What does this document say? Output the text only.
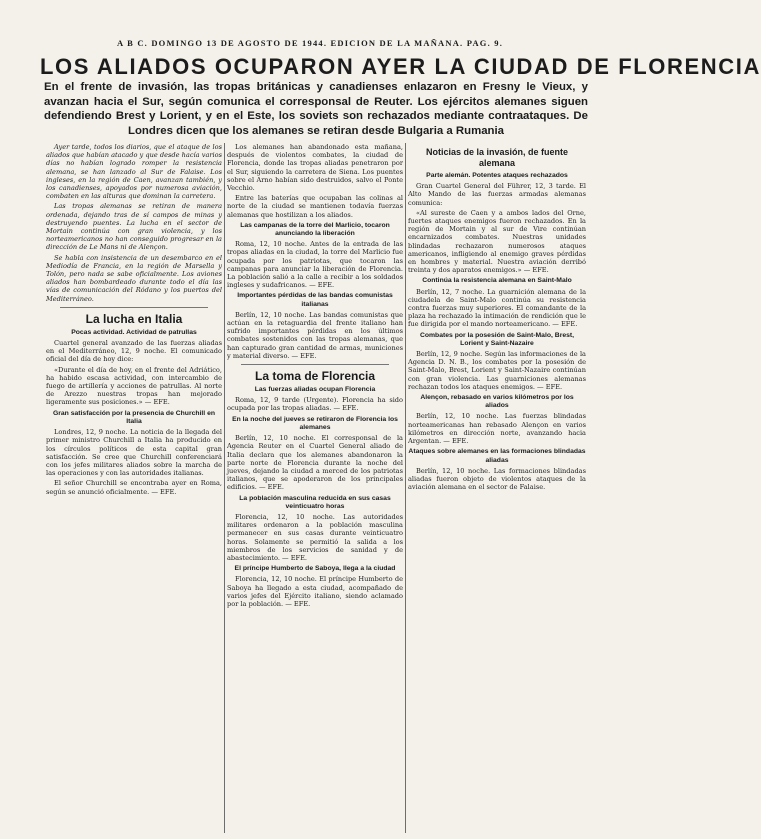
A B C. DOMINGO 13 DE AGOSTO DE 1944. EDICION DE LA MAÑANA. PAG. 9.
LOS ALIADOS OCUPARON AYER LA CIUDAD DE FLORENCIA
En el frente de invasión, las tropas británicas y canadienses enlazaron en Fresny le Vieux, y avanzan hacia el Sur, según comunica el corresponsal de Reuter. Los ejércitos alemanes siguen defendiendo Brest y Lorient, y en el Este, los soviets son rechazados mediante contraataques. De Londres dicen que los alemanes se retiran desde Bulgaria a Rumania

Ayer tarde, todos los diarios, que el ataque de los aliados que habían atacado y que desde hacía varios días no habían logrado romper la resistencia alemana, se han lanzado al Sur de Falaise. Los ingleses, en la región de Caen, avanzan también, y los canadienses, apoyados por numerosa aviación, combaten en las alturas que dominan la carretera.

Las tropas alemanas se retiran de manera ordenada, dejando tras de sí campos de minas y destruyendo puentes. La lucha en el sector de Mortain continúa con gran violencia, y los norteamericanos no han conseguido progresar en la dirección de Le Mans ni de Alençon.

Se habla con insistencia de un desembarco en el Mediodía de Francia, en la región de Marsella y Tolón, pero nada se sabe oficialmente. Los aviones aliados han bombardeado durante todo el día las vías de comunicación del Ródano y los puertos del Mediterráneo.

La lucha en Italia
Pocas actividad. Actividad de patrullas

Cuartel general avanzado de las fuerzas aliadas en el Mediterráneo, 12, 9 noche. El comunicado oficial del día de hoy dice:

«Durante el día de hoy, en el frente del Adriático, ha habido escasa actividad, con intercambio de fuego de artillería y acciones de patrullas. Al norte de Arezzo nuestras tropas han mejorado ligeramente sus posiciones.» — EFE.

Gran satisfacción por la presencia de Churchill en Italia

Londres, 12, 9 noche. La noticia de la llegada del primer ministro Churchill a Italia ha producido en los círculos políticos de esta capital gran satisfacción. Se cree que Churchill conferenciará con los jefes militares aliados sobre la marcha de las operaciones y con las autoridades italianas.

El señor Churchill se encontraba ayer en Roma, según se anunció oficialmente. — EFE.

Los alemanes han abandonado esta mañana, después de violentos combates, la ciudad de Florencia, donde las tropas aliadas penetraron por el Sur, siguiendo la carretera de Siena. Los puentes sobre el Arno habían sido destruidos, salvo el Ponte Vecchio.

Entre las baterías que ocupaban las colinas al norte de la ciudad se mantienen todavía fuerzas alemanas que hostilizan a los aliados.

Las campanas de la torre del Marlicio, tocaron anunciando la liberación

Roma, 12, 10 noche. Antes de la entrada de las tropas aliadas en la ciudad, la torre del Marlicio fue ocupada por los patriotas, que tocaron las campanas para anunciar la liberación de Florencia. La población salió a la calle a recibir a los soldados ingleses y sudafricanos. — EFE.

Importantes pérdidas de las bandas comunistas italianas

Berlín, 12, 10 noche. Las bandas comunistas que actúan en la retaguardia del frente italiano han sufrido importantes pérdidas en los últimos combates sostenidos con las tropas alemanas, que han capturado gran cantidad de armas, municiones y material diverso. — EFE.

La toma de Florencia
Las fuerzas aliadas ocupan Florencia

Roma, 12, 9 tarde (Urgente). Florencia ha sido ocupada por las tropas aliadas. — EFE.

En la noche del jueves se retiraron de Florencia los alemanes

Berlín, 12, 10 noche. El corresponsal de la Agencia Reuter en el Cuartel General aliado de Italia declara que los alemanes abandonaron la parte norte de Florencia durante la noche del jueves, dejando la ciudad a merced de los patriotas italianos, que se apoderaron de los principales edificios. — EFE.

La población masculina reducida en sus casas veinticuatro horas

Florencia, 12, 10 noche. Las autoridades militares ordenaron a la población masculina permanecer en sus casas durante veinticuatro horas. Solamente se permitió la salida a los miembros de los servicios de sanidad y de abastecimiento. — EFE.

El príncipe Humberto de Saboya, llega a la ciudad

Florencia, 12, 10 noche. El príncipe Humberto de Saboya ha llegado a esta ciudad, acompañado de varios jefes del Ejército italiano, siendo aclamado por la población. — EFE.

Noticias de la invasión, de fuente alemana
Parte alemán. Potentes ataques rechazados

Gran Cuartel General del Führer, 12, 3 tarde. El Alto Mando de las fuerzas armadas alemanas comunica:

«Al sureste de Caen y a ambos lados del Orne, fuertes ataques enemigos fueron rechazados. En la región de Mortain y al sur de Vire continúan encarnizados combates. Nuestras unidades blindadas rechazaron numerosos ataques americanos, infligiendo al enemigo graves pérdidas en hombres y material. Nuestra aviación derribó treinta y dos aparatos enemigos.» — EFE.

Continúa la resistencia alemana en Saint-Malo

Berlín, 12, 7 noche. La guarnición alemana de la ciudadela de Saint-Malo continúa su resistencia contra fuerzas muy superiores. El comandante de la plaza ha rechazado la intimación de rendición que le fue dirigida por el mando norteamericano. — EFE.

Combates por la posesión de Saint-Malo, Brest, Lorient y Saint-Nazaire

Berlín, 12, 9 noche. Según las informaciones de la Agencia D. N. B., los combates por la posesión de Saint-Malo, Brest, Lorient y Saint-Nazaire continúan con gran violencia. Las guarniciones alemanas rechazan todos los ataques enemigos. — EFE.

Alençon, rebasado en varios kilómetros por los aliados

Berlín, 12, 10 noche. Las fuerzas blindadas norteamericanas han rebasado Alençon en varios kilómetros en dirección norte, avanzando hacia Argentan. — EFE.

Ataques sobre alemanes en las formaciones blindadas aliadas

Berlín, 12, 10 noche. Las formaciones blindadas aliadas fueron objeto de violentos ataques de la aviación alemana en el sector de Falaise.
